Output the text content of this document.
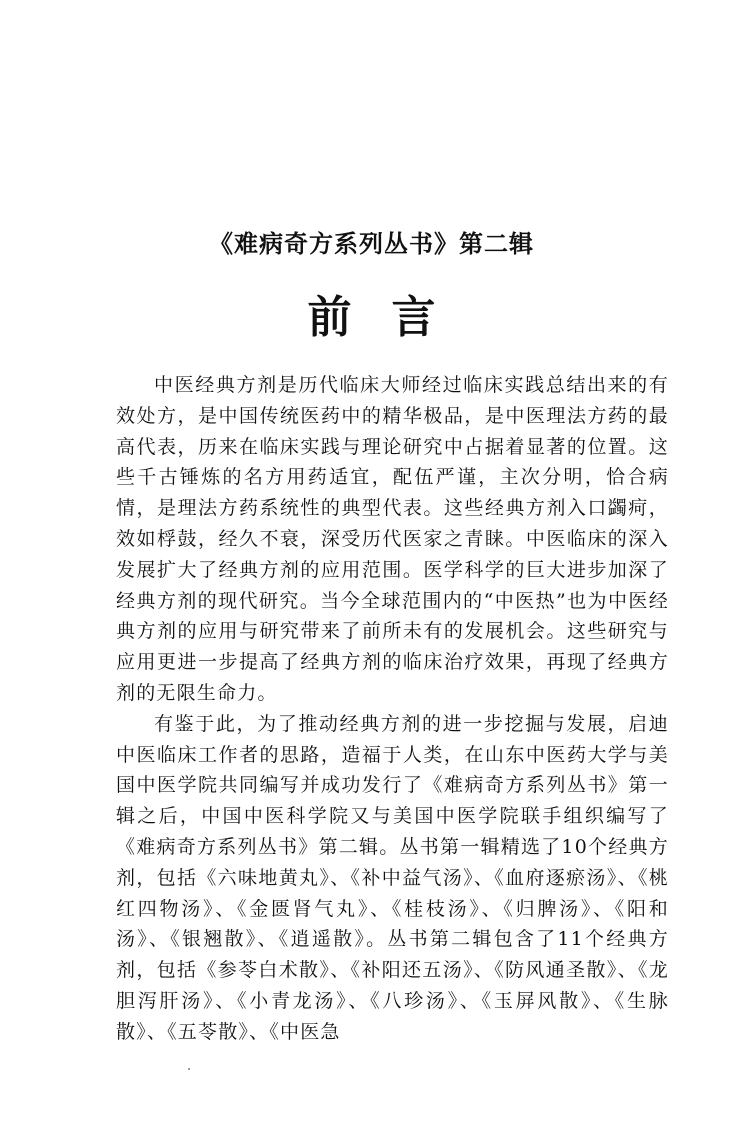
《难病奇方系列丛书》第二辑
前言

中医经典方剂是历代临床大师经过临床实践总结出来的有效处方，是中国传统医药中的精华极品，是中医理法方药的最高代表，历来在临床实践与理论研究中占据着显著的位置。这些千古锤炼的名方用药适宜，配伍严谨，主次分明，恰合病情，是理法方药系统性的典型代表。这些经典方剂入口蠲疴，效如桴鼓，经久不衰，深受历代医家之青睐。中医临床的深入发展扩大了经典方剂的应用范围。医学科学的巨大进步加深了经典方剂的现代研究。当今全球范围内的“中医热”也为中医经典方剂的应用与研究带来了前所未有的发展机会。这些研究与应用更进一步提高了经典方剂的临床治疗效果，再现了经典方剂的无限生命力。

有鉴于此，为了推动经典方剂的进一步挖掘与发展，启迪中医临床工作者的思路，造福于人类，在山东中医药大学与美国中医学院共同编写并成功发行了《难病奇方系列丛书》第一辑之后，中国中医科学院又与美国中医学院联手组织编写了《难病奇方系列丛书》第二辑。丛书第一辑精选了10个经典方剂，包括《六味地黄丸》、《补中益气汤》、《血府逐瘀汤》、《桃红四物汤》、《金匮肾气丸》、《桂枝汤》、《归脾汤》、《阳和汤》、《银翘散》、《逍遥散》。丛书第二辑包含了11个经典方剂，包括《参苓白术散》、《补阳还五汤》、《防风通圣散》、《龙胆泻肝汤》、《小青龙汤》、《八珍汤》、《玉屏风散》、《生脉散》、《五苓散》、《中医急
